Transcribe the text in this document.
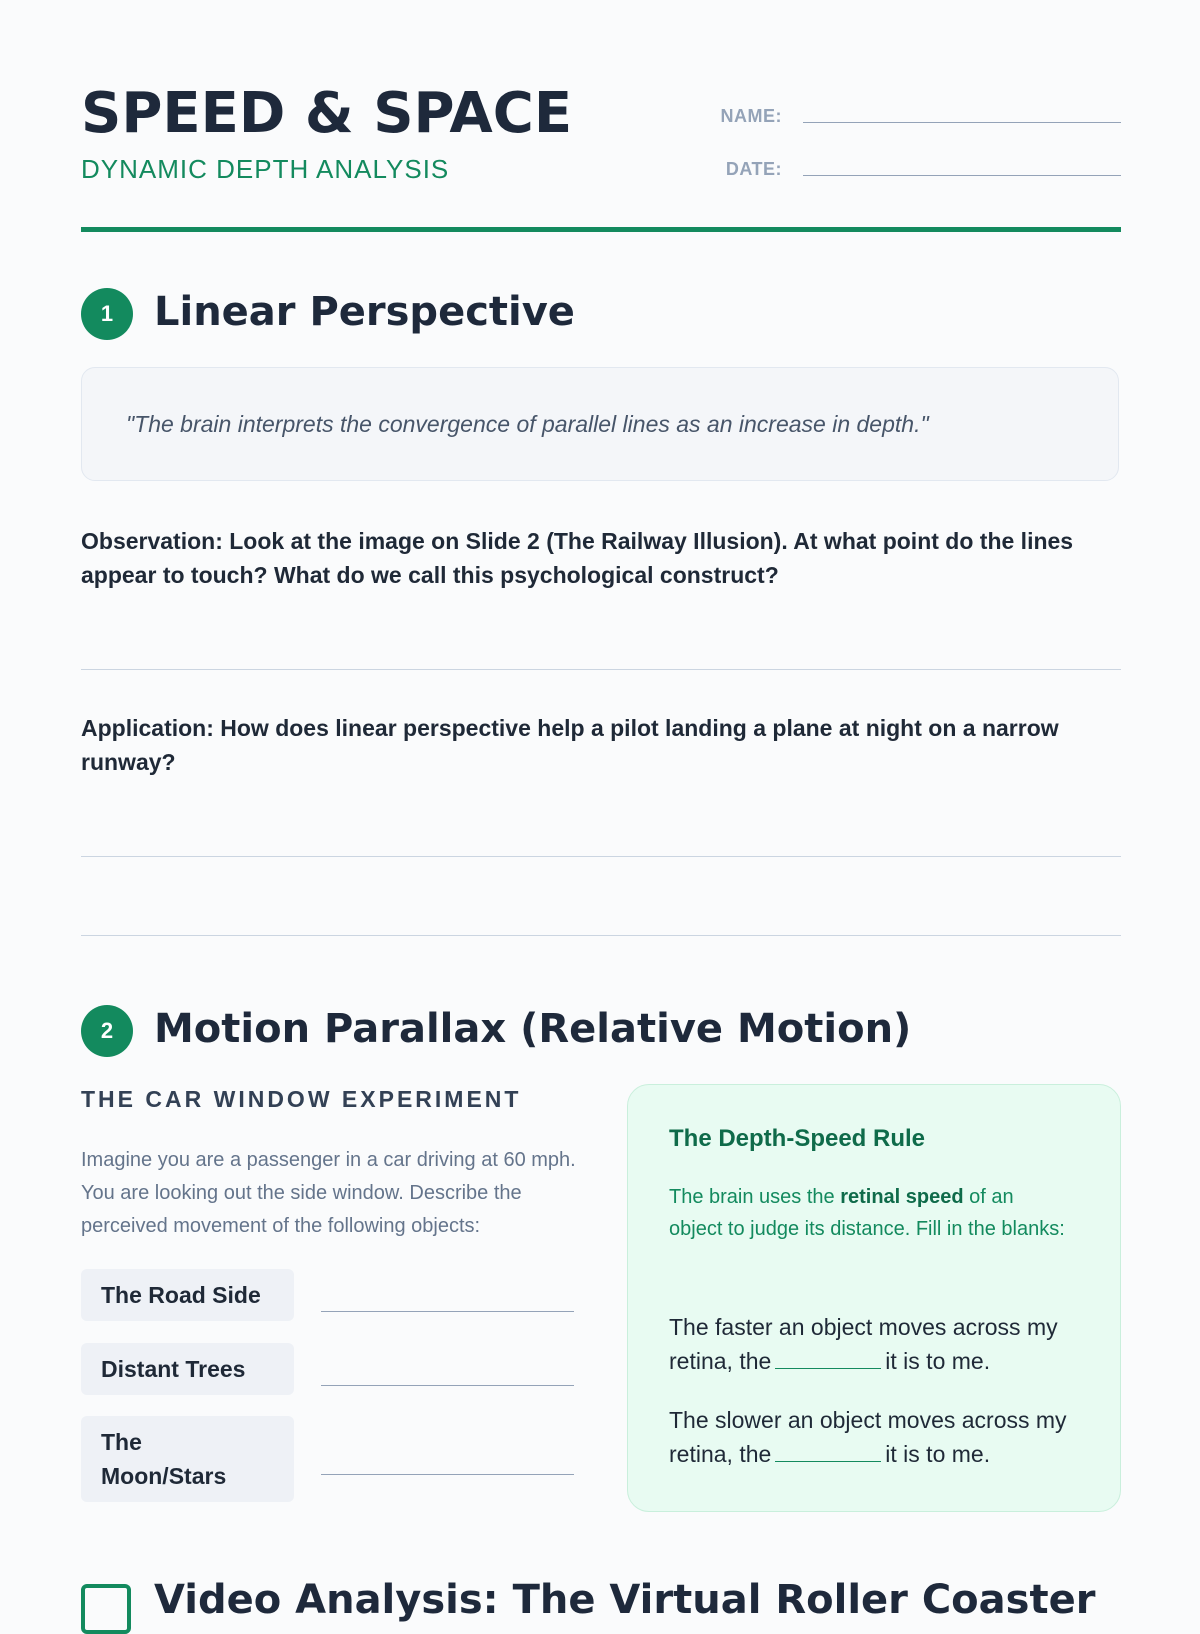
SPEED & SPACE
DYNAMIC DEPTH ANALYSIS
NAME:
DATE:
1	Linear Perspective
"The brain interprets the convergence of parallel lines as an increase in depth."
Observation: Look at the image on Slide 2 (The Railway Illusion). At what point do the lines appear to touch? What do we call this psychological construct?
Application: How does linear perspective help a pilot landing a plane at night on a narrow runway?
2	Motion Parallax (Relative Motion)
THE CAR WINDOW EXPERIMENT
Imagine you are a passenger in a car driving at 60 mph. You are looking out the side window. Describe the perceived movement of the following objects:
The Road Side
Distant Trees
The Moon/Stars
The Depth-Speed Rule
The brain uses the retinal speed of an object to judge its distance. Fill in the blanks:
The faster an object moves across my retina, the	it is to me.
The slower an object moves across my retina, the	it is to me.
Video Analysis: The Virtual Roller Coaster
